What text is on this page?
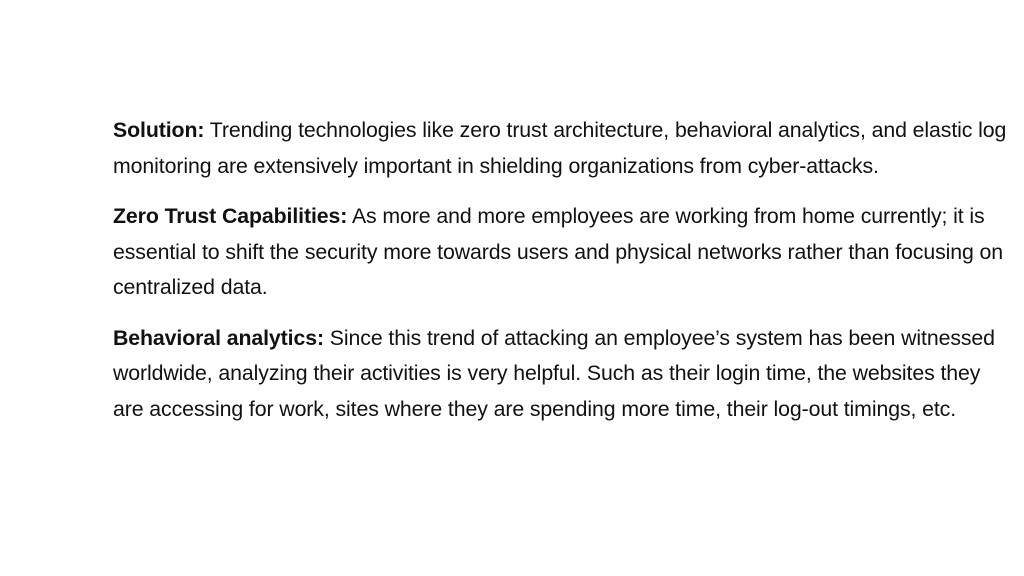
Solution: Trending technologies like zero trust architecture, behavioral analytics, and elastic log monitoring are extensively important in shielding organizations from cyber-attacks.

Zero Trust Capabilities: As more and more employees are working from home currently; it is essential to shift the security more towards users and physical networks rather than focusing on centralized data.

Behavioral analytics: Since this trend of attacking an employee’s system has been witnessed worldwide, analyzing their activities is very helpful. Such as their login time, the websites they are accessing for work, sites where they are spending more time, their log-out timings, etc.
